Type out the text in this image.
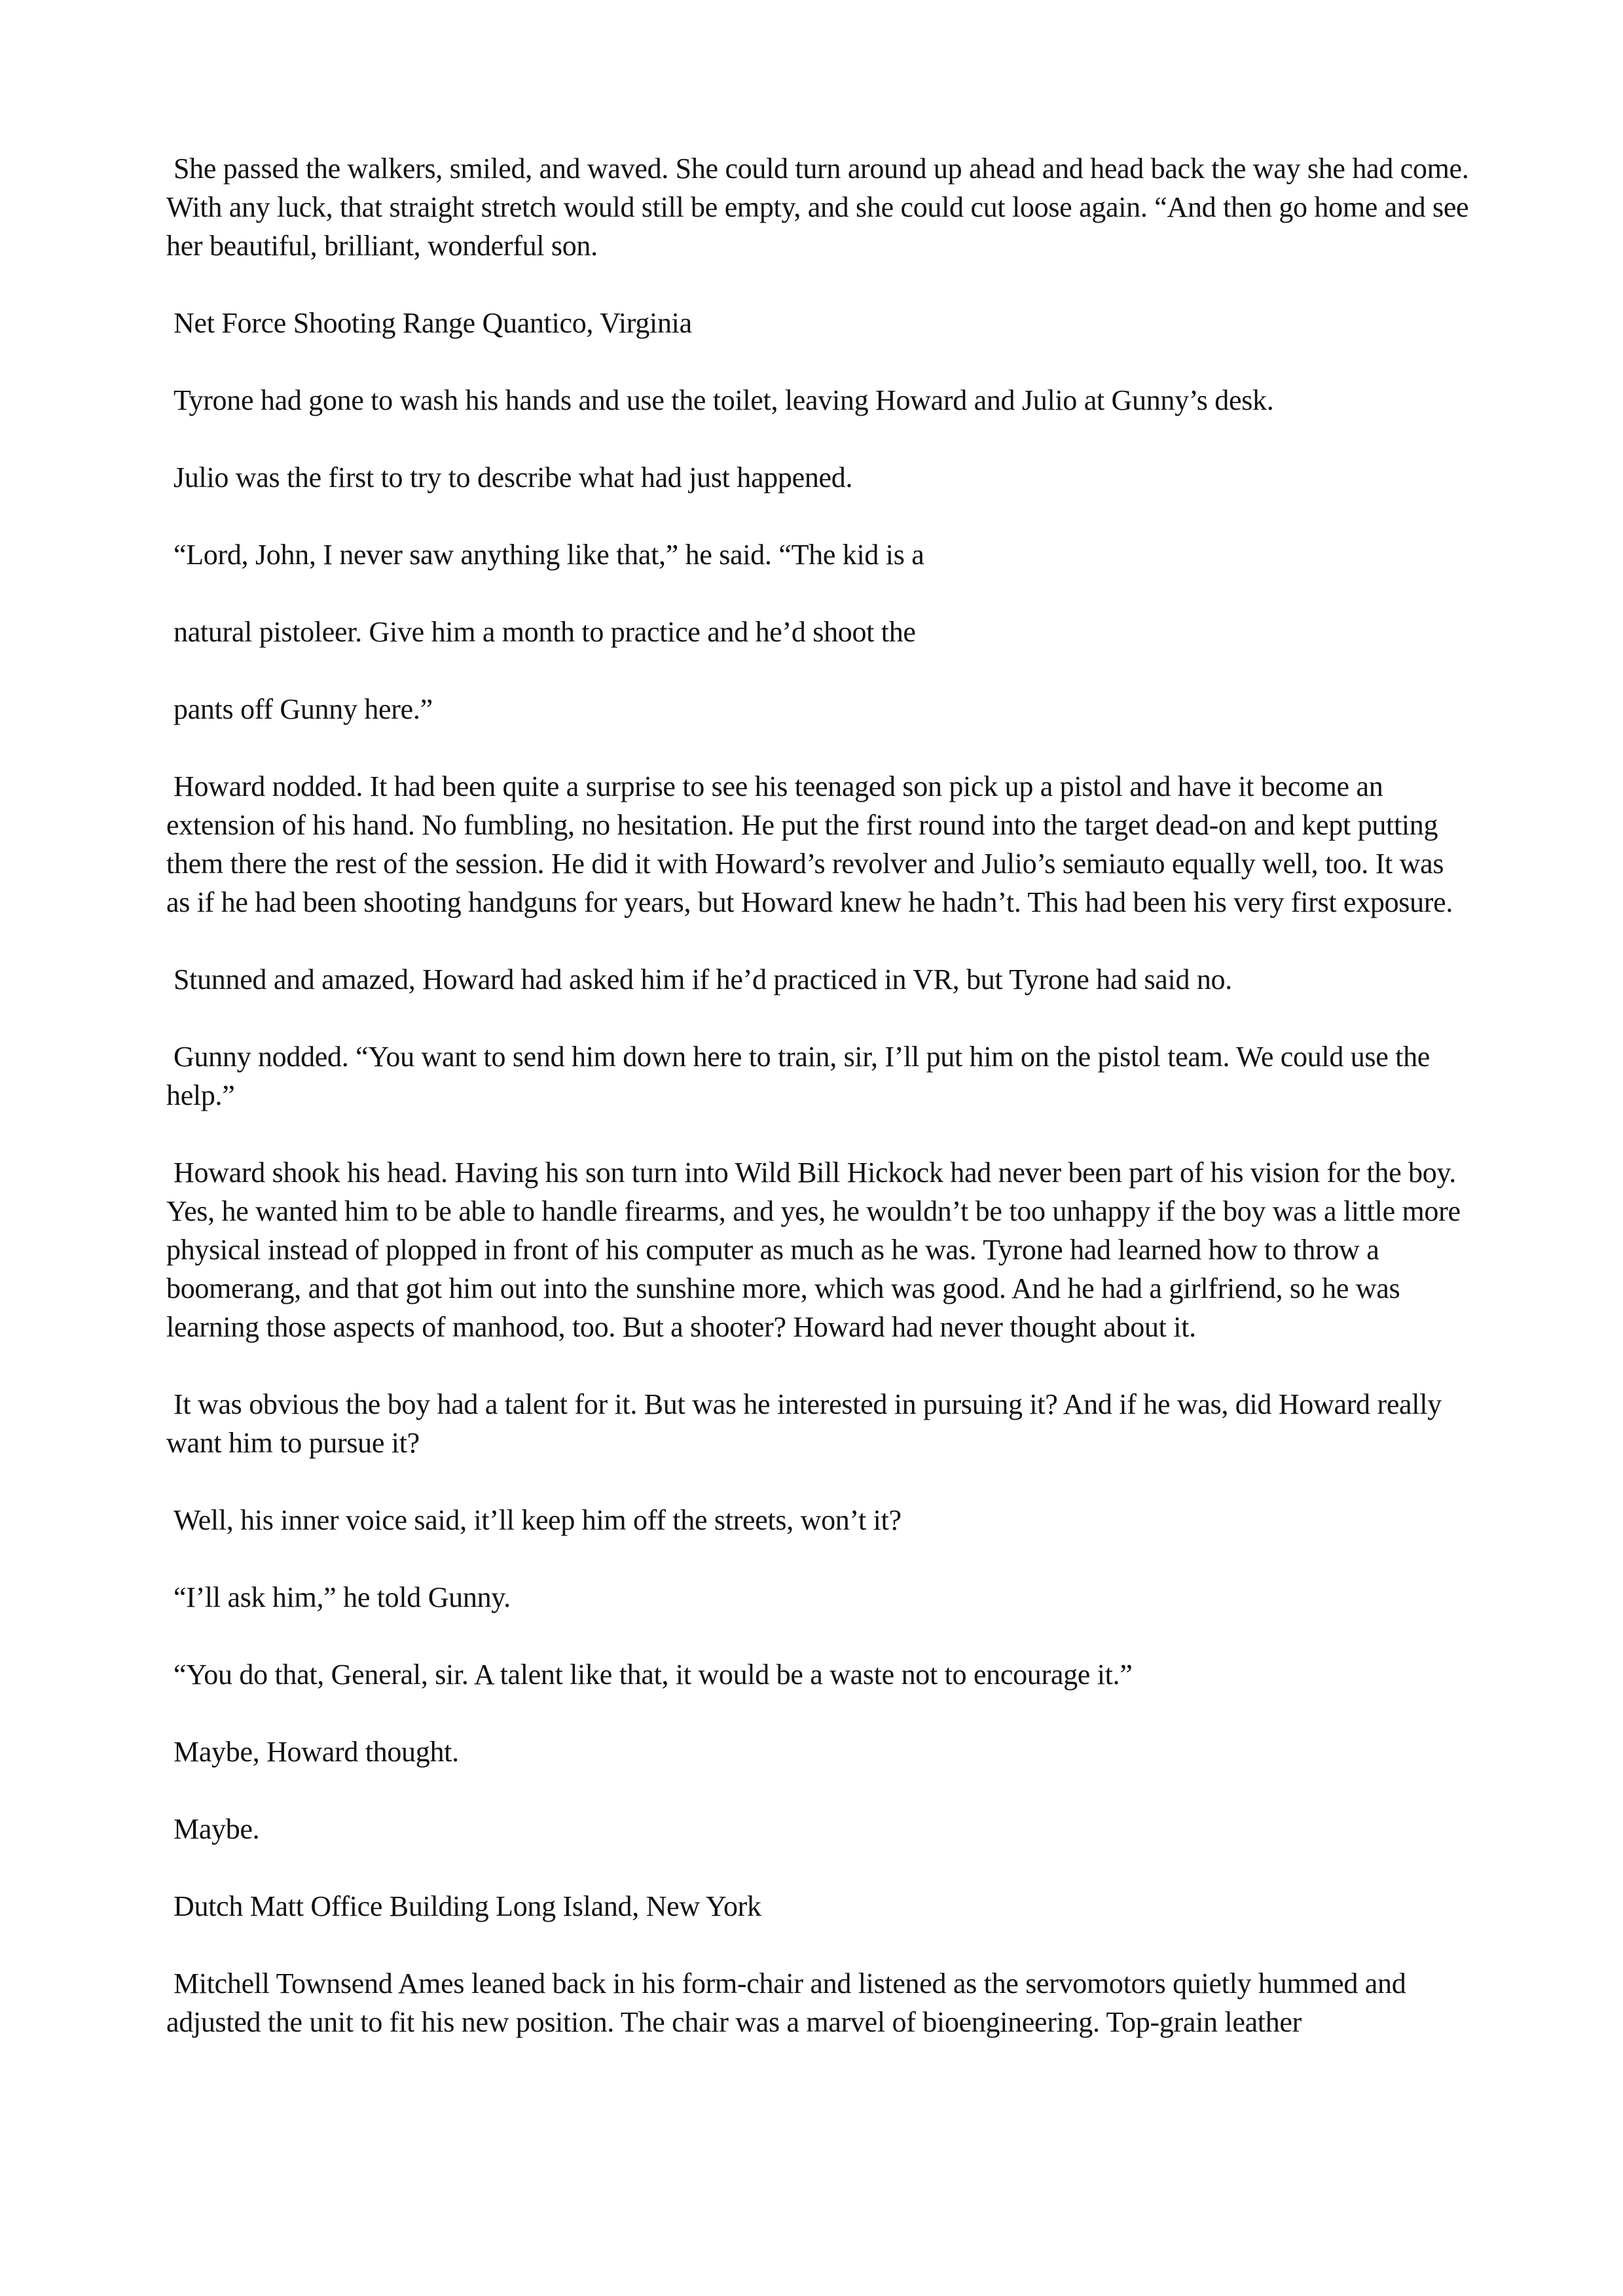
She passed the walkers, smiled, and waved. She could turn around up ahead and head back the way she had come. With any luck, that straight stretch would still be empty, and she could cut loose again. “And then go home and see her beautiful, brilliant, wonderful son.

Net Force Shooting Range Quantico, Virginia

Tyrone had gone to wash his hands and use the toilet, leaving Howard and Julio at Gunny’s desk.

Julio was the first to try to describe what had just happened.

“Lord, John, I never saw anything like that,” he said. “The kid is a

natural pistoleer. Give him a month to practice and he’d shoot the

pants off Gunny here.”

Howard nodded. It had been quite a surprise to see his teenaged son pick up a pistol and have it become an extension of his hand. No fumbling, no hesitation. He put the first round into the target dead-on and kept putting them there the rest of the session. He did it with Howard’s revolver and Julio’s semiauto equally well, too. It was as if he had been shooting handguns for years, but Howard knew he hadn’t. This had been his very first exposure.

Stunned and amazed, Howard had asked him if he’d practiced in VR, but Tyrone had said no.

Gunny nodded. “You want to send him down here to train, sir, I’ll put him on the pistol team. We could use the help.”

Howard shook his head. Having his son turn into Wild Bill Hickock had never been part of his vision for the boy. Yes, he wanted him to be able to handle firearms, and yes, he wouldn’t be too unhappy if the boy was a little more physical instead of plopped in front of his computer as much as he was. Tyrone had learned how to throw a boomerang, and that got him out into the sunshine more, which was good. And he had a girlfriend, so he was learning those aspects of manhood, too. But a shooter? Howard had never thought about it.

It was obvious the boy had a talent for it. But was he interested in pursuing it? And if he was, did Howard really want him to pursue it?

Well, his inner voice said, it’ll keep him off the streets, won’t it?

“I’ll ask him,” he told Gunny.

“You do that, General, sir. A talent like that, it would be a waste not to encourage it.”

Maybe, Howard thought.

Maybe.

Dutch Matt Office Building Long Island, New York

Mitchell Townsend Ames leaned back in his form-chair and listened as the servomotors quietly hummed and adjusted the unit to fit his new position. The chair was a marvel of bioengineering. Top-grain leather
